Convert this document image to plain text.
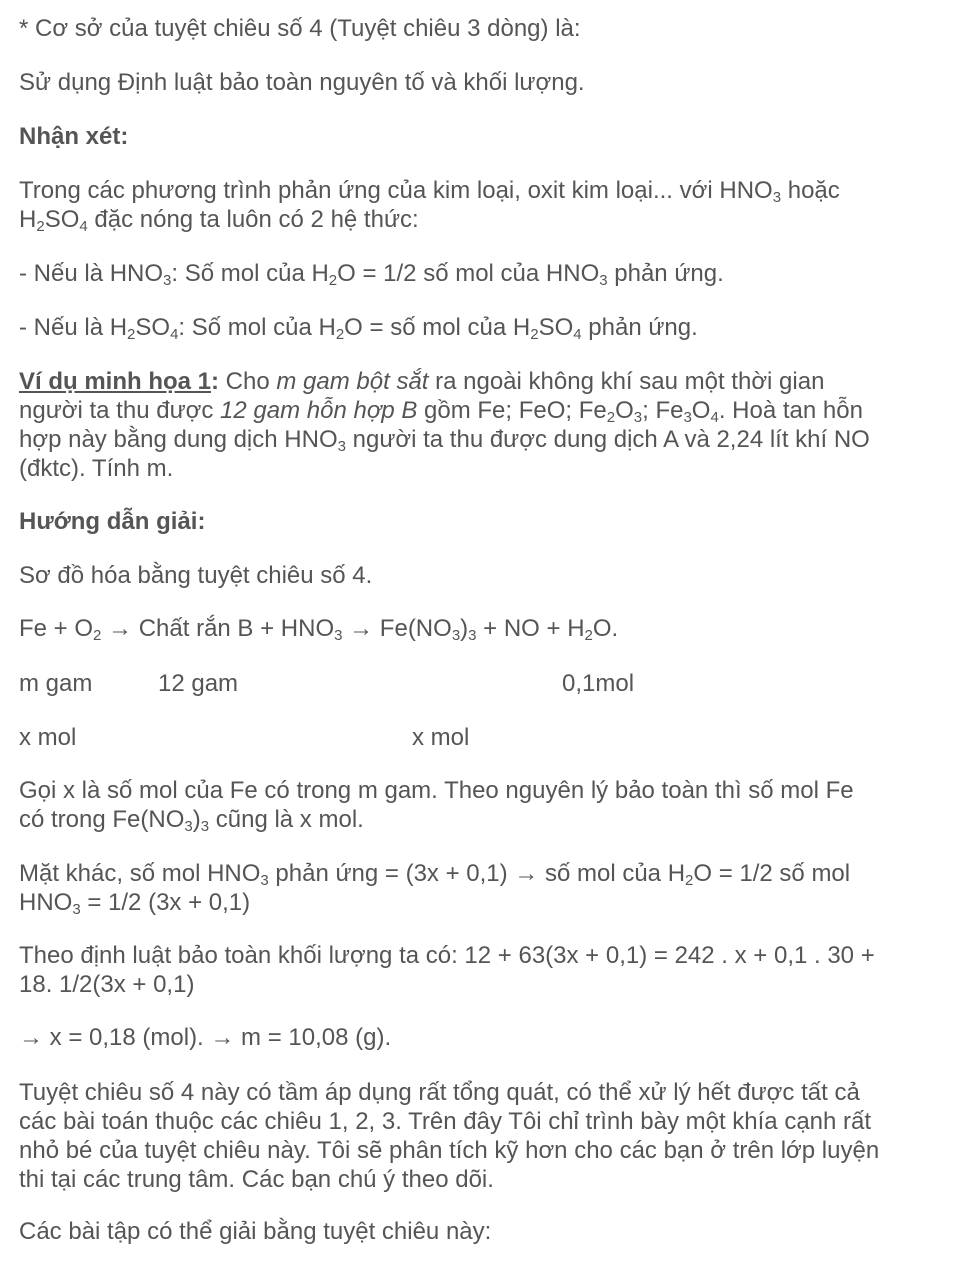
* Cơ sở của tuyệt chiêu số 4 (Tuyệt chiêu 3 dòng) là:

Sử dụng Định luật bảo toàn nguyên tố và khối lượng.

Nhận xét:

Trong các phương trình phản ứng của kim loại, oxit kim loại... với $HNO_3$ hoặc
$H_2SO_4$ đặc nóng ta luôn có 2 hệ thức:

- Nếu là $HNO_3$: Số mol của $H_2O = 1/2$ số mol của $HNO_3$ phản ứng.

- Nếu là $H_2SO_4$: Số mol của $H_2O$ = số mol của $H_2SO_4$ phản ứng.

Ví dụ minh họa 1: Cho m gam bột sắt ra ngoài không khí sau một thời gian
người ta thu được 12 gam hỗn hợp B gồm Fe; FeO; $Fe_2O_3$; $Fe_3O_4$. Hoà tan hỗn
hợp này bằng dung dịch $HNO_3$ người ta thu được dung dịch A và 2,24 lít khí NO
(đktc). Tính m.

Hướng dẫn giải:

Sơ đồ hóa bằng tuyệt chiêu số 4.

$Fe + O_2$ → Chất rắn $B + HNO_3 \to Fe(NO_3)_3$ + NO + $H_2O$.

m gam	12 gam	0,1mol
x mol	x mol

Gọi x là số mol của Fe có trong m gam. Theo nguyên lý bảo toàn thì số mol Fe
có trong $Fe(NO_3)_3$ cũng là x mol.

Mặt khác, số mol $HNO_3$ phản ứng = (3x + 0,1) → số mol của $H_2O = 1/2$ số mol
$HNO_3 = 1/2$ (3x + 0,1)

Theo định luật bảo toàn khối lượng ta có: 12 + 63(3x + 0,1) = 242 . x + 0,1 . 30 +
18. 1/2(3x + 0,1)

→ x = 0,18 (mol). → m = 10,08 (g).

Tuyệt chiêu số 4 này có tầm áp dụng rất tổng quát, có thể xử lý hết được tất cả
các bài toán thuộc các chiêu 1, 2, 3. Trên đây Tôi chỉ trình bày một khía cạnh rất
nhỏ bé của tuyệt chiêu này. Tôi sẽ phân tích kỹ hơn cho các bạn ở trên lớp luyện
thi tại các trung tâm. Các bạn chú ý theo dõi.

Các bài tập có thể giải bằng tuyệt chiêu này:
